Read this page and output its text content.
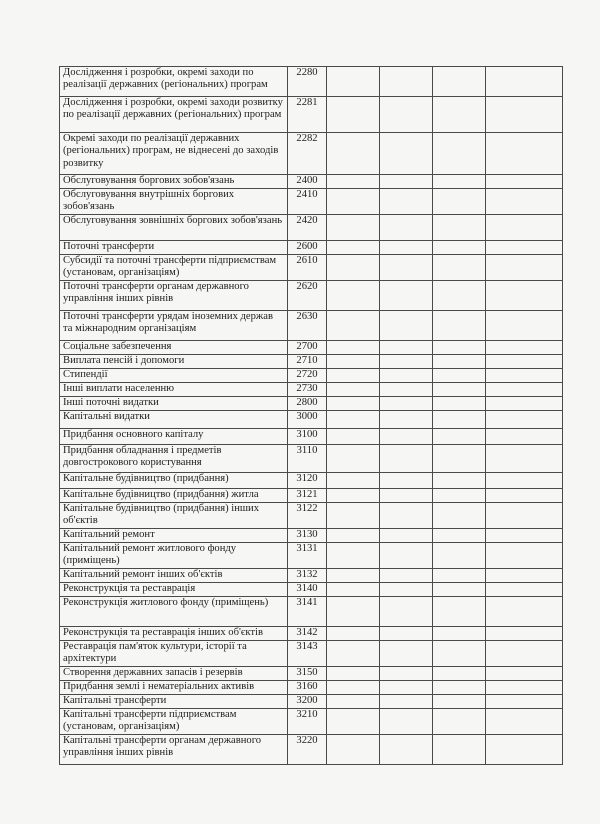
Дослідження і розробки, окремі заходи по реалізації державних (регіональних) програм	2280				
Дослідження і розробки, окремі заходи розвитку по реалізації державних (регіональних) програм	2281				
Окремі заходи по реалізації державних (регіональних) програм, не віднесені до заходів розвитку	2282				
Обслуговування боргових зобов'язань	2400				
Обслуговування внутрішніх боргових зобов'язань	2410				
Обслуговування зовнішніх боргових зобов'язань	2420				
Поточні трансферти	2600				
Субсидії та поточні трансферти підприємствам (установам, організаціям)	2610				
Поточні трансферти органам державного управління інших рівнів	2620				
Поточні трансферти урядам іноземних держав та міжнародним організаціям	2630				
Соціальне забезпечення	2700				
Виплата пенсій і допомоги	2710				
Стипендії	2720				
Інші виплати населенню	2730				
Інші поточні видатки	2800				
Капітальні видатки	3000				
Придбання основного капіталу	3100				
Придбання обладнання і предметів довгострокового користування	3110				
Капітальне будівництво (придбання)	3120				
Капітальне будівництво (придбання) житла	3121				
Капітальне будівництво (придбання) інших об'єктів	3122				
Капітальний ремонт	3130				
Капітальний ремонт житлового фонду (приміщень)	3131				
Капітальний ремонт інших об'єктів	3132				
Реконструкція та реставрація	3140				
Реконструкція житлового фонду (приміщень)	3141				
Реконструкція та реставрація інших об'єктів	3142				
Реставрація пам'яток культури, історії та архітектури	3143				
Створення державних запасів і резервів	3150				
Придбання землі і нематеріальних активів	3160				
Капітальні трансферти	3200				
Капітальні трансферти підприємствам (установам, організаціям)	3210				
Капітальні трансферти органам державного управління інших рівнів	3220				
